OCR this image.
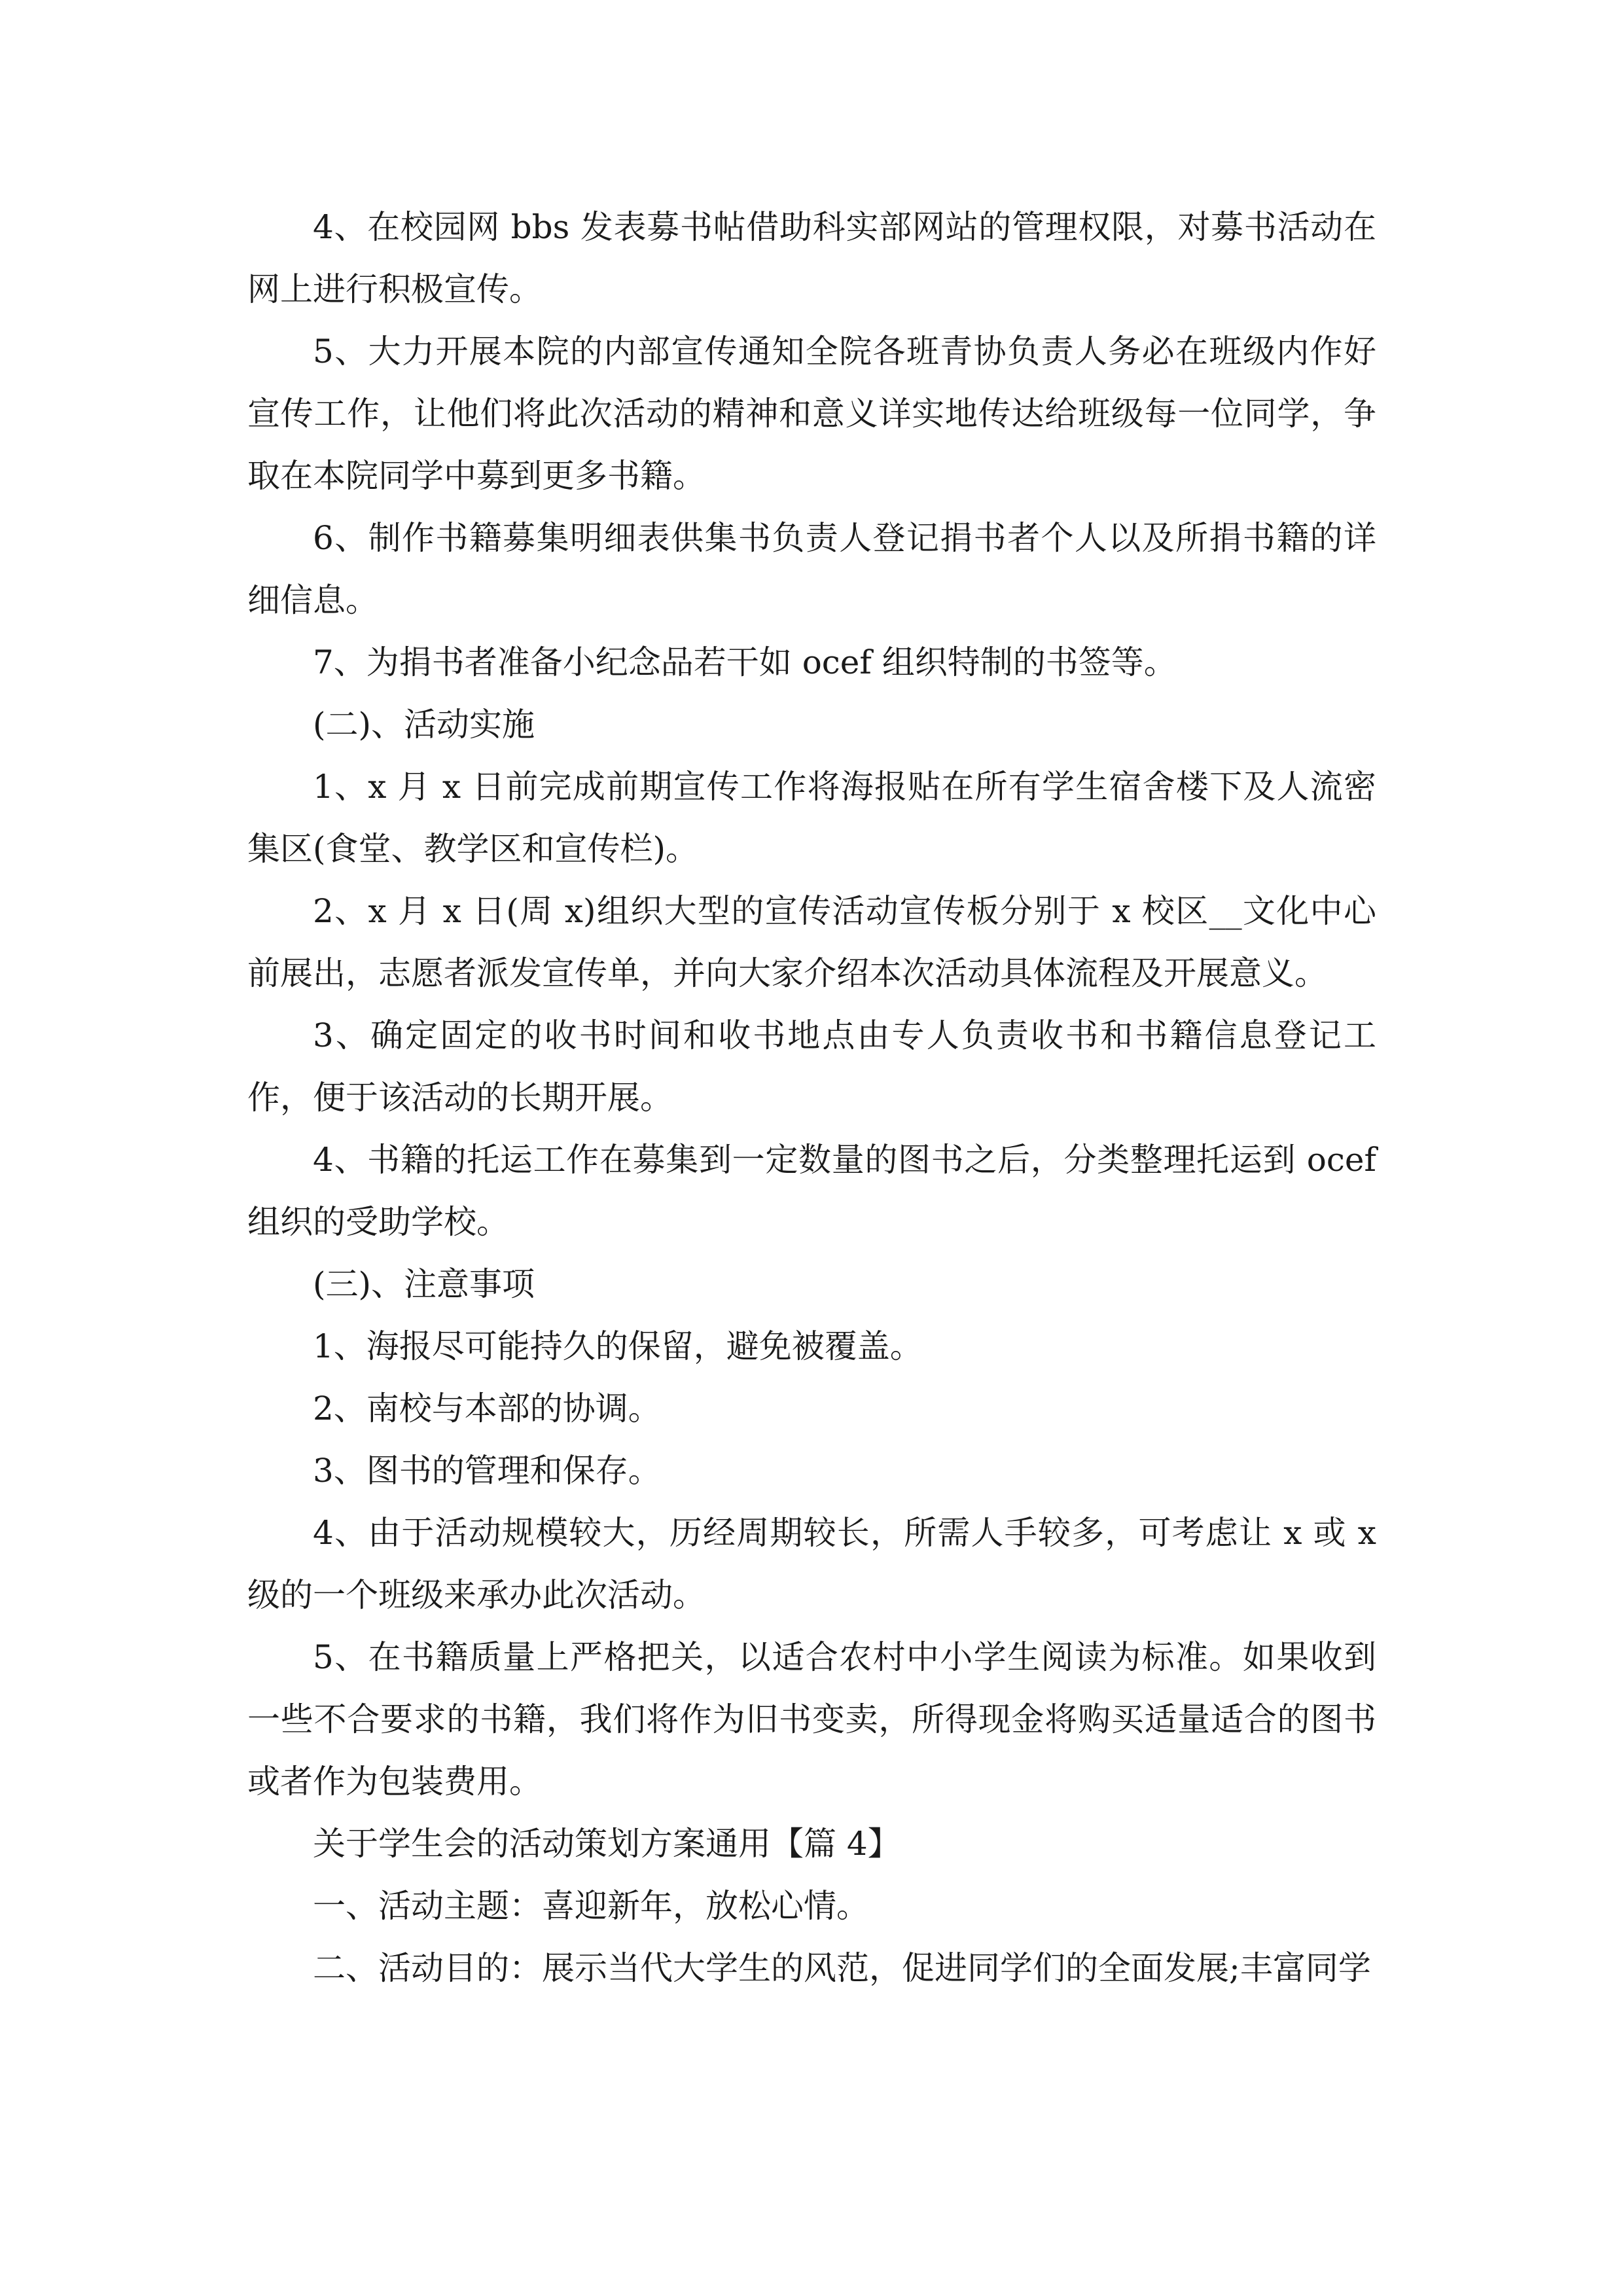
4、在校园网 bbs 发表募书帖借助科实部网站的管理权限，对募书活动在网上进行积极宣传。

5、大力开展本院的内部宣传通知全院各班青协负责人务必在班级内作好宣传工作，让他们将此次活动的精神和意义详实地传达给班级每一位同学，争取在本院同学中募到更多书籍。

6、制作书籍募集明细表供集书负责人登记捐书者个人以及所捐书籍的详细信息。

7、为捐书者准备小纪念品若干如 ocef 组织特制的书签等。

(二)、活动实施

1、x 月 x 日前完成前期宣传工作将海报贴在所有学生宿舍楼下及人流密集区(食堂、教学区和宣传栏)。

2、x 月 x 日(周 x)组织大型的宣传活动宣传板分别于 x 校区__文化中心前展出，志愿者派发宣传单，并向大家介绍本次活动具体流程及开展意义。

3、确定固定的收书时间和收书地点由专人负责收书和书籍信息登记工作，便于该活动的长期开展。

4、书籍的托运工作在募集到一定数量的图书之后，分类整理托运到 ocef 组织的受助学校。

(三)、注意事项

1、海报尽可能持久的保留，避免被覆盖。

2、南校与本部的协调。

3、图书的管理和保存。

4、由于活动规模较大，历经周期较长，所需人手较多，可考虑让 x 或 x 级的一个班级来承办此次活动。

5、在书籍质量上严格把关，以适合农村中小学生阅读为标准。如果收到一些不合要求的书籍，我们将作为旧书变卖，所得现金将购买适量适合的图书或者作为包装费用。

关于学生会的活动策划方案通用【篇 4】

一、活动主题：喜迎新年，放松心情。

二、活动目的：展示当代大学生的风范，促进同学们的全面发展;丰富同学
